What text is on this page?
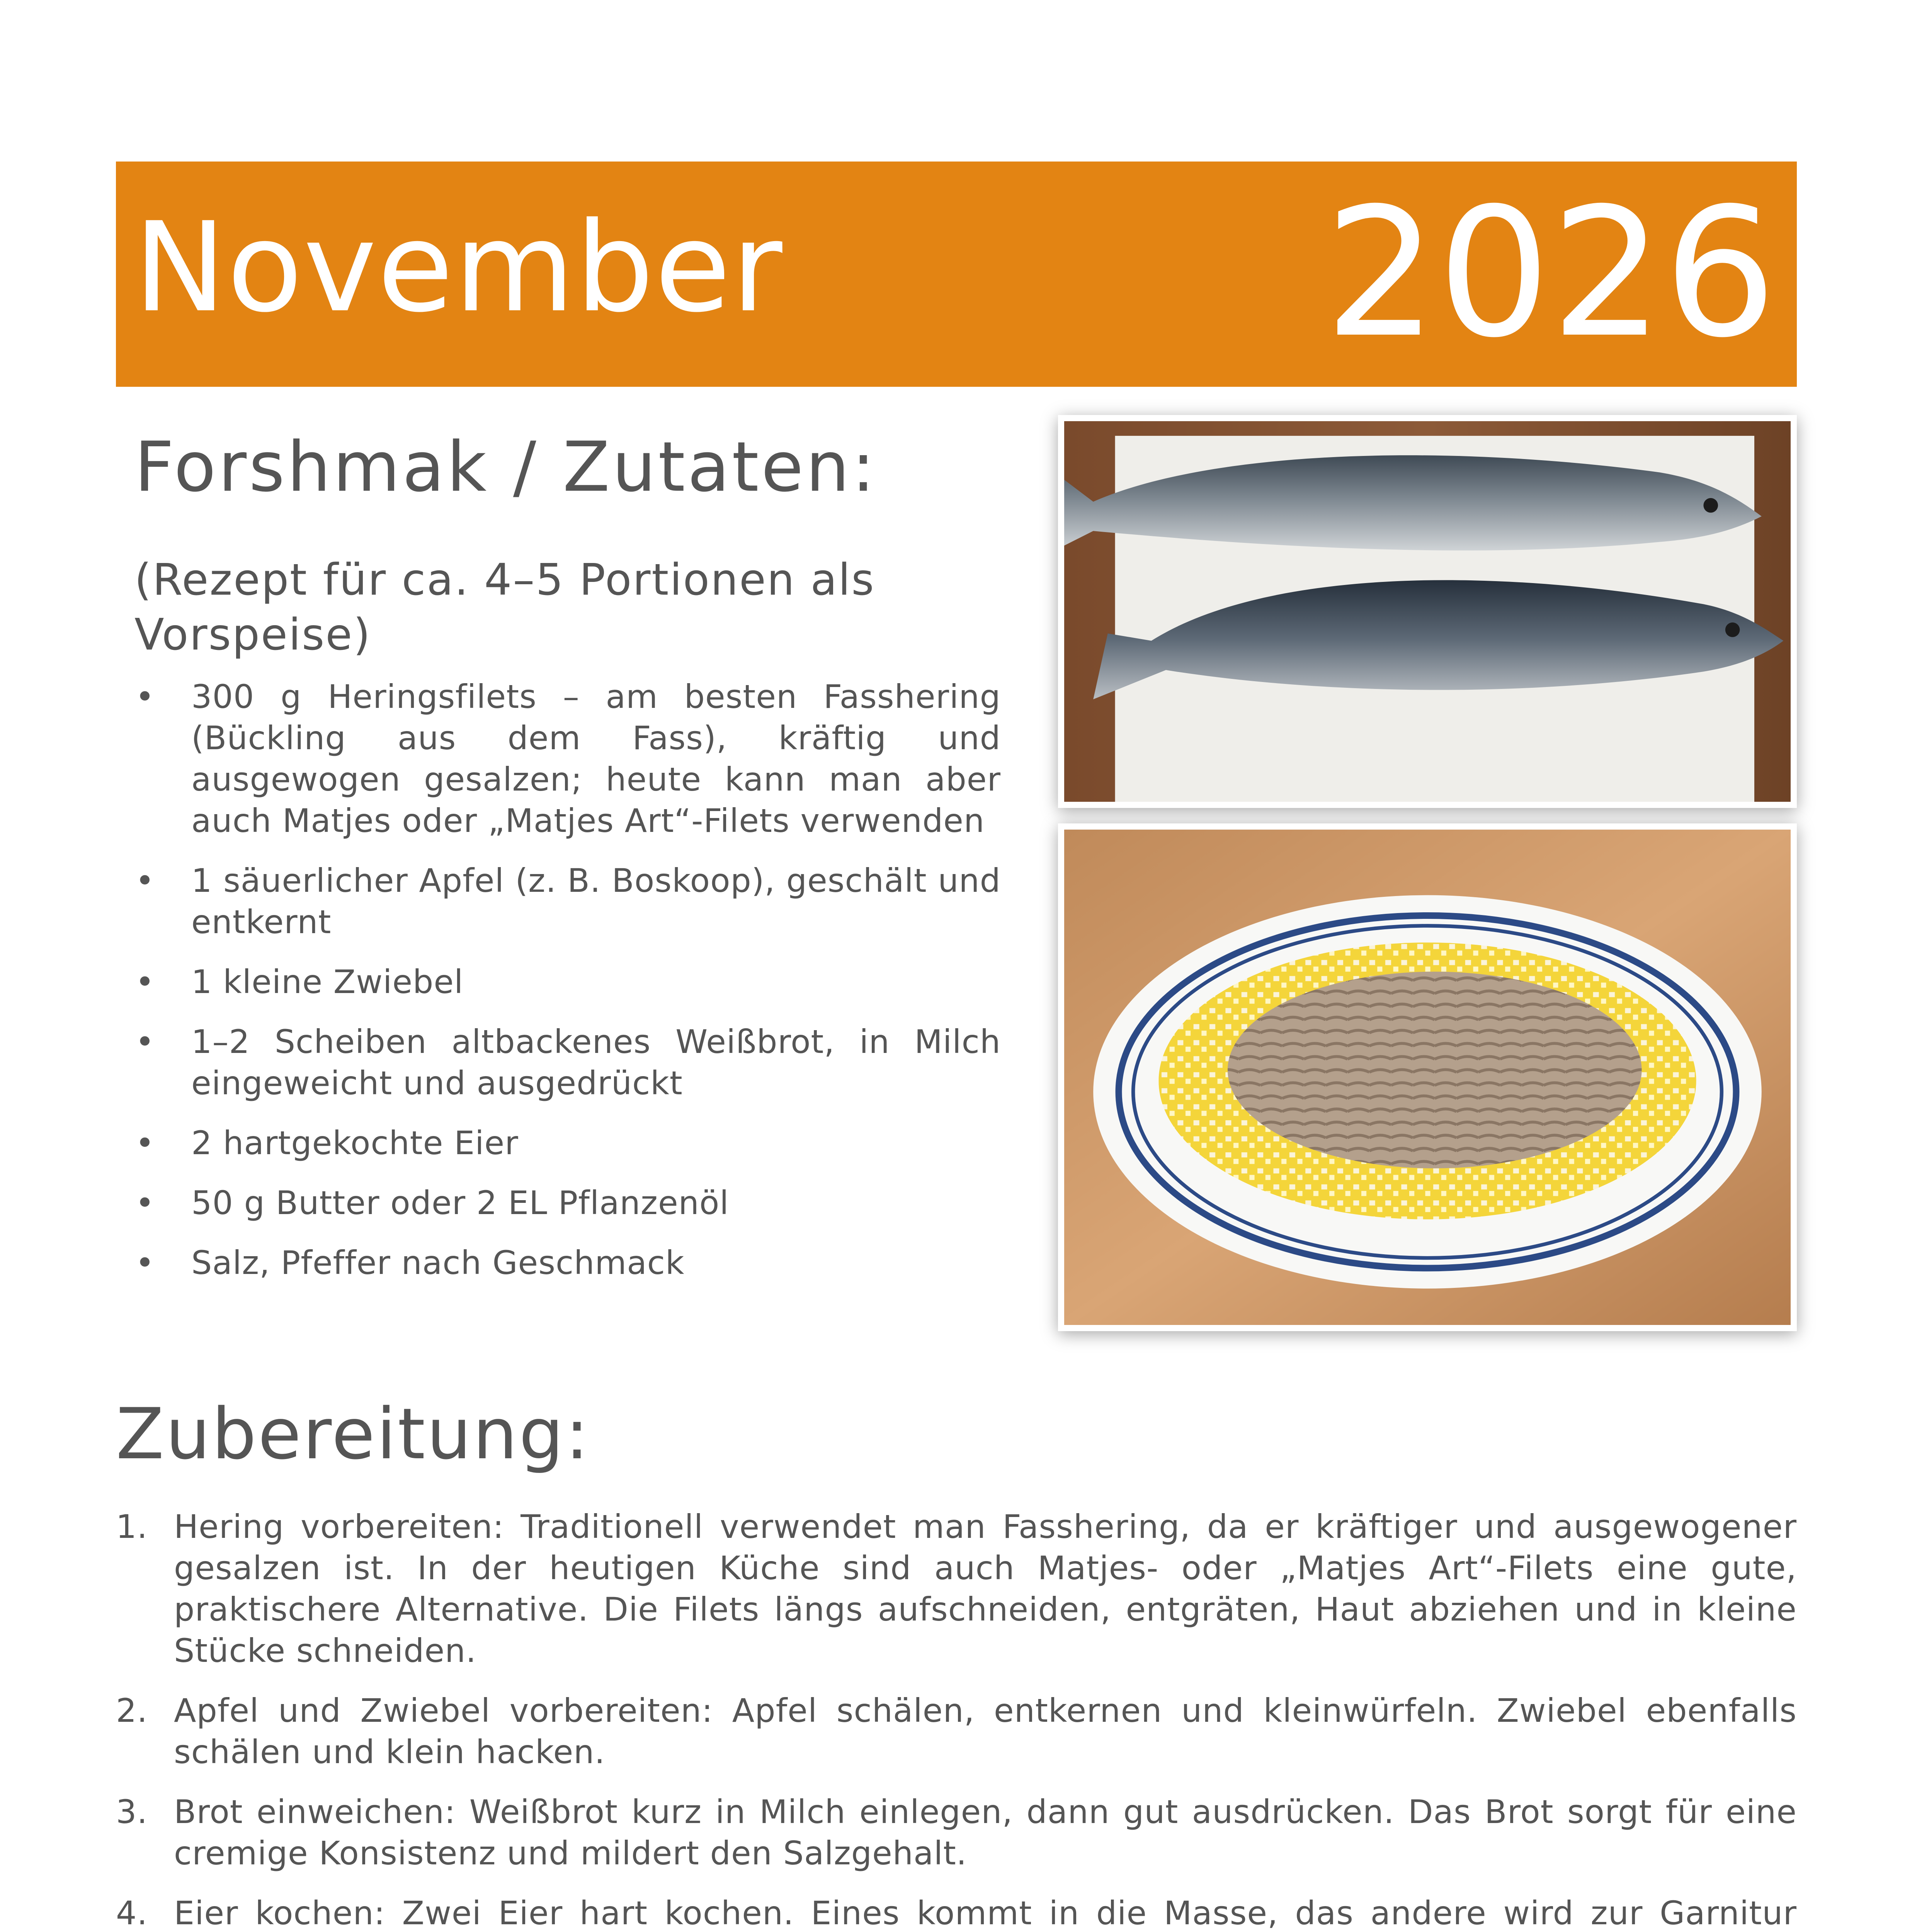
November	2026
Forshmak / Zutaten:
(Rezept für ca. 4–5 Portionen als Vorspeise)
• 300 g Heringsfilets – am besten Fasshering (Bückling aus dem Fass), kräftig und ausgewogen gesalzen; heute kann man aber auch Matjes oder „Matjes Art“-Filets verwenden
• 1 säuerlicher Apfel (z. B. Boskoop), geschält und entkernt
• 1 kleine Zwiebel
• 1–2 Scheiben altbackenes Weißbrot, in Milch eingeweicht und ausgedrückt
• 2 hartgekochte Eier
• 50 g Butter oder 2 EL Pflanzenöl
• Salz, Pfeffer nach Geschmack
Zubereitung:
1. Hering vorbereiten: Traditionell verwendet man Fasshering, da er kräftiger und ausgewogener gesalzen ist. In der heutigen Küche sind auch Matjes- oder „Matjes Art“-Filets eine gute, praktischere Alternative. Die Filets längs aufschneiden, entgräten, Haut abziehen und in kleine Stücke schneiden.
2. Apfel und Zwiebel vorbereiten: Apfel schälen, entkernen und kleinwürfeln. Zwiebel ebenfalls schälen und klein hacken.
3. Brot einweichen: Weißbrot kurz in Milch einlegen, dann gut ausdrücken. Das Brot sorgt für eine cremige Konsistenz und mildert den Salzgehalt.
4. Eier kochen: Zwei Eier hart kochen. Eines kommt in die Masse, das andere wird zur Garnitur
